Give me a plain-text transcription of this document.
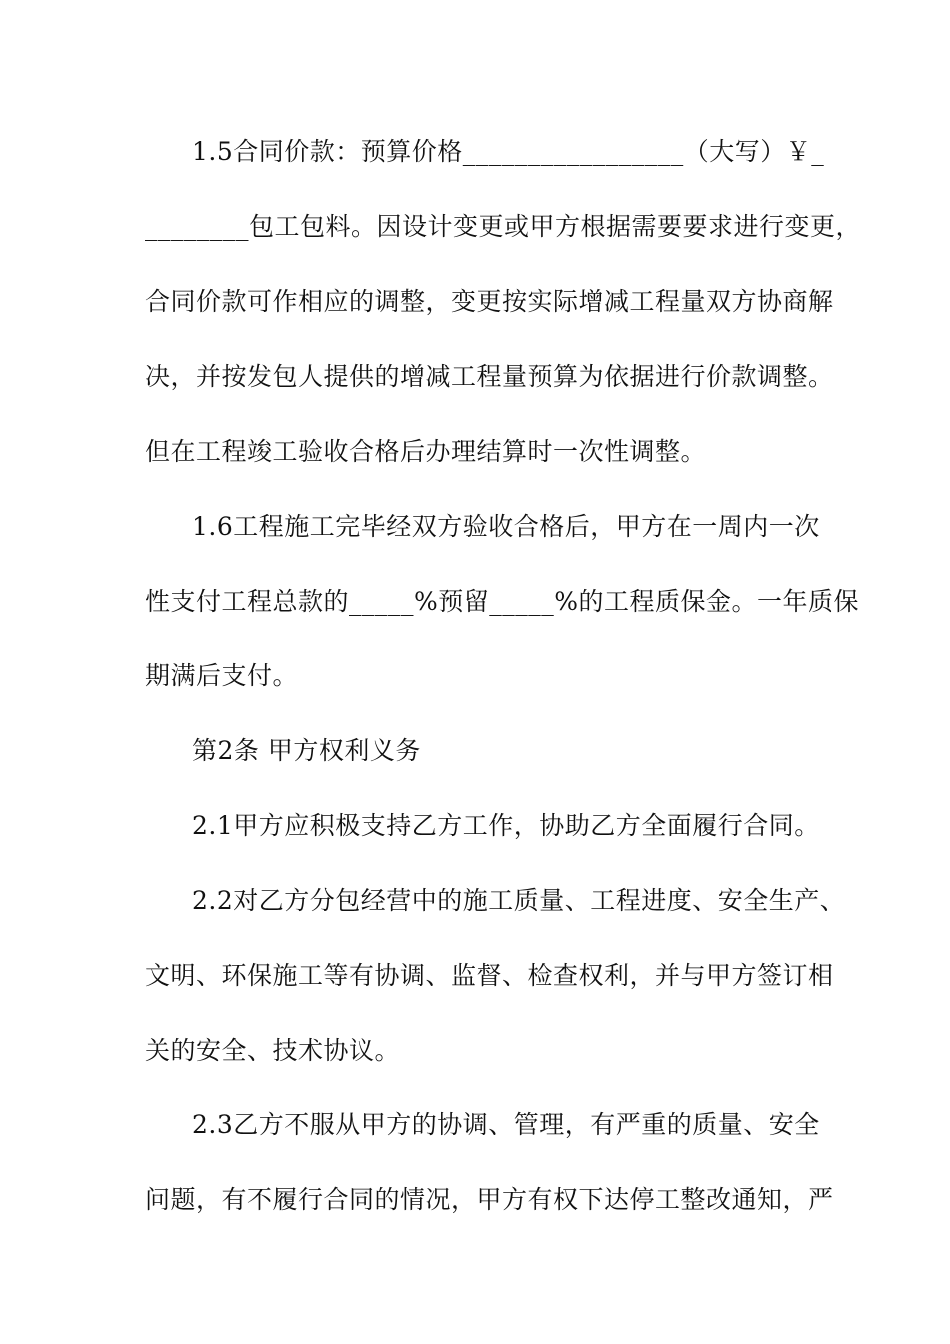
1.5合同价款：预算价格_________________（大写）￥_
________包工包料。因设计变更或甲方根据需要要求进行变更，
合同价款可作相应的调整，变更按实际增减工程量双方协商解
决，并按发包人提供的增减工程量预算为依据进行价款调整。
但在工程竣工验收合格后办理结算时一次性调整。
1.6工程施工完毕经双方验收合格后，甲方在一周内一次
性支付工程总款的_____%预留_____%的工程质保金。一年质保
期满后支付。
第2条 甲方权利义务
2.1甲方应积极支持乙方工作，协助乙方全面履行合同。
2.2对乙方分包经营中的施工质量、工程进度、安全生产、
文明、环保施工等有协调、监督、检查权利，并与甲方签订相
关的安全、技术协议。
2.3乙方不服从甲方的协调、管理，有严重的质量、安全
问题，有不履行合同的情况，甲方有权下达停工整改通知，严
